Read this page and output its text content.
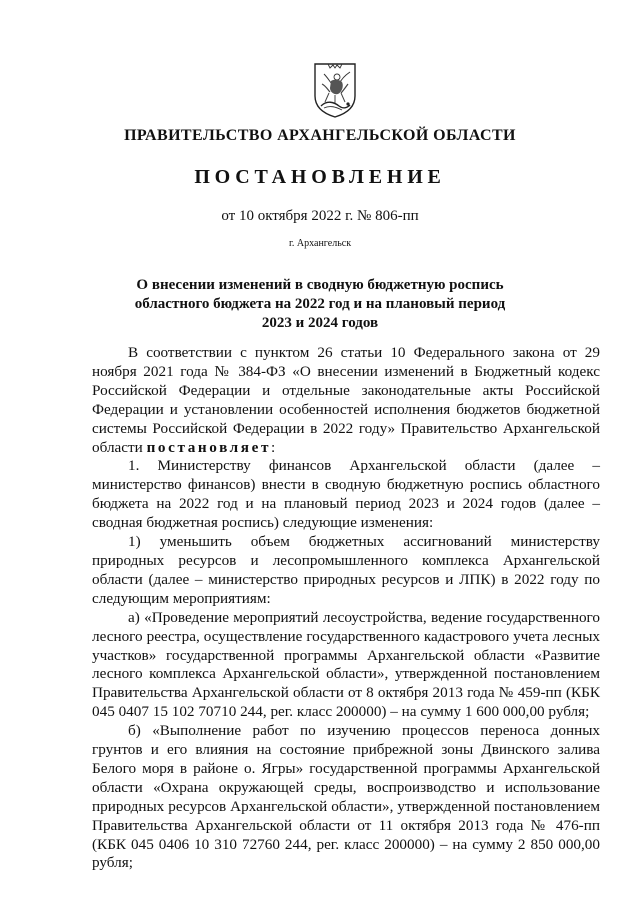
ПРАВИТЕЛЬСТВО АРХАНГЕЛЬСКОЙ ОБЛАСТИ
ПОСТАНОВЛЕНИЕ
от 10 октября 2022 г. № 806-пп
г. Архангельск
О внесении изменений в сводную бюджетную роспись
областного бюджета на 2022 год и на плановый период
2023 и 2024 годов

В соответствии с пунктом 26 статьи 10 Федерального закона от 29 ноября 2021 года № 384-ФЗ «О внесении изменений в Бюджетный кодекс Российской Федерации и отдельные законодательные акты Российской Федерации и установлении особенностей исполнения бюджетов бюджетной системы Российской Федерации в 2022 году» Правительство Архангельской области постановляет:

1. Министерству финансов Архангельской области (далее – министерство финансов) внести в сводную бюджетную роспись областного бюджета на 2022 год и на плановый период 2023 и 2024 годов (далее – сводная бюджетная роспись) следующие изменения:

1) уменьшить объем бюджетных ассигнований министерству природных ресурсов и лесопромышленного комплекса Архангельской области (далее – министерство природных ресурсов и ЛПК) в 2022 году по следующим мероприятиям:

а) «Проведение мероприятий лесоустройства, ведение государственного лесного реестра, осуществление государственного кадастрового учета лесных участков» государственной программы Архангельской области «Развитие лесного комплекса Архангельской области», утвержденной постановлением Правительства Архангельской области от 8 октября 2013 года № 459-пп (КБК 045 0407 15 102 70710 244, рег. класс 200000) – на сумму 1 600 000,00 рубля;

б) «Выполнение работ по изучению процессов переноса донных грунтов и его влияния на состояние прибрежной зоны Двинского залива Белого моря в районе о. Ягры» государственной программы Архангельской области «Охрана окружающей среды, воспроизводство и использование природных ресурсов Архангельской области», утвержденной постановлением Правительства Архангельской области от 11 октября 2013 года № 476-пп (КБК 045 0406 10 310 72760 244, рег. класс 200000) – на сумму 2 850 000,00 рубля;
